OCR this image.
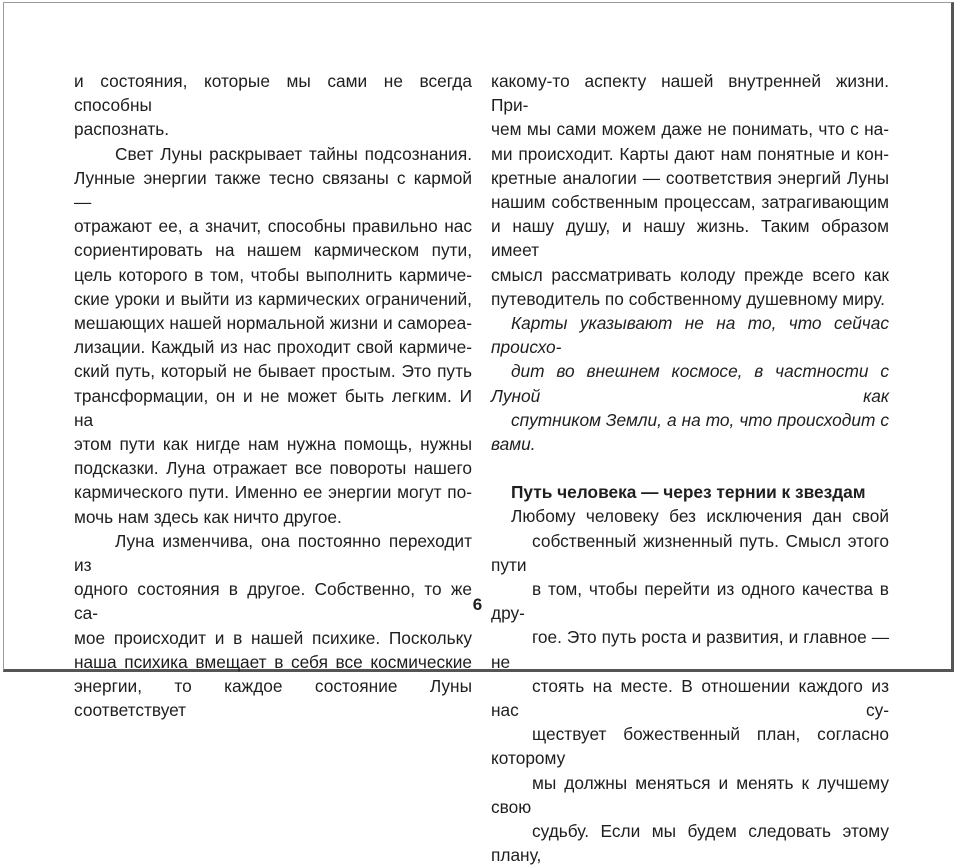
и состояния, которые мы сами не всегда способны
распознать.

Свет Луны раскрывает тайны подсознания.
Лунные энергии также тесно связаны с кармой —
отражают ее, а значит, способны правильно нас
сориентировать на нашем кармическом пути,
цель которого в том, чтобы выполнить кармиче-
ские уроки и выйти из кармических ограничений,
мешающих нашей нормальной жизни и самореа-
лизации. Каждый из нас проходит свой кармиче-
ский путь, который не бывает простым. Это путь
трансформации, он и не может быть легким. И на
этом пути как нигде нам нужна помощь, нужны
подсказки. Луна отражает все повороты нашего
кармического пути. Именно ее энергии могут по-
мочь нам здесь как ничто другое.

Луна изменчива, она постоянно переходит из
одного состояния в другое. Собственно, то же са-
мое происходит и в нашей психике. Поскольку
наша психика вмещает в себя все космические
энергии, то каждое состояние Луны соответствует

какому-то аспекту нашей внутренней жизни. При-
чем мы сами можем даже не понимать, что с на-
ми происходит. Карты дают нам понятные и кон-
кретные аналогии — соответствия энергий Луны
нашим собственным процессам, затрагивающим
и нашу душу, и нашу жизнь. Таким образом имеет
смысл рассматривать колоду прежде всего как
путеводитель по собственному душевному миру.

Карты указывают не на то, что сейчас происхо-
дит во внешнем космосе, в частности с Луной как
спутником Земли, а на то, что происходит с вами.

Путь человека — через тернии к звездам

Любому человеку без исключения дан свой
собственный жизненный путь. Смысл этого пути
в том, чтобы перейти из одного качества в дру-
гое. Это путь роста и развития, и главное — не
стоять на месте. В отношении каждого из нас су-
ществует божественный план, согласно которому
мы должны меняться и менять к лучшему свою
судьбу. Если мы будем следовать этому плану,

6
